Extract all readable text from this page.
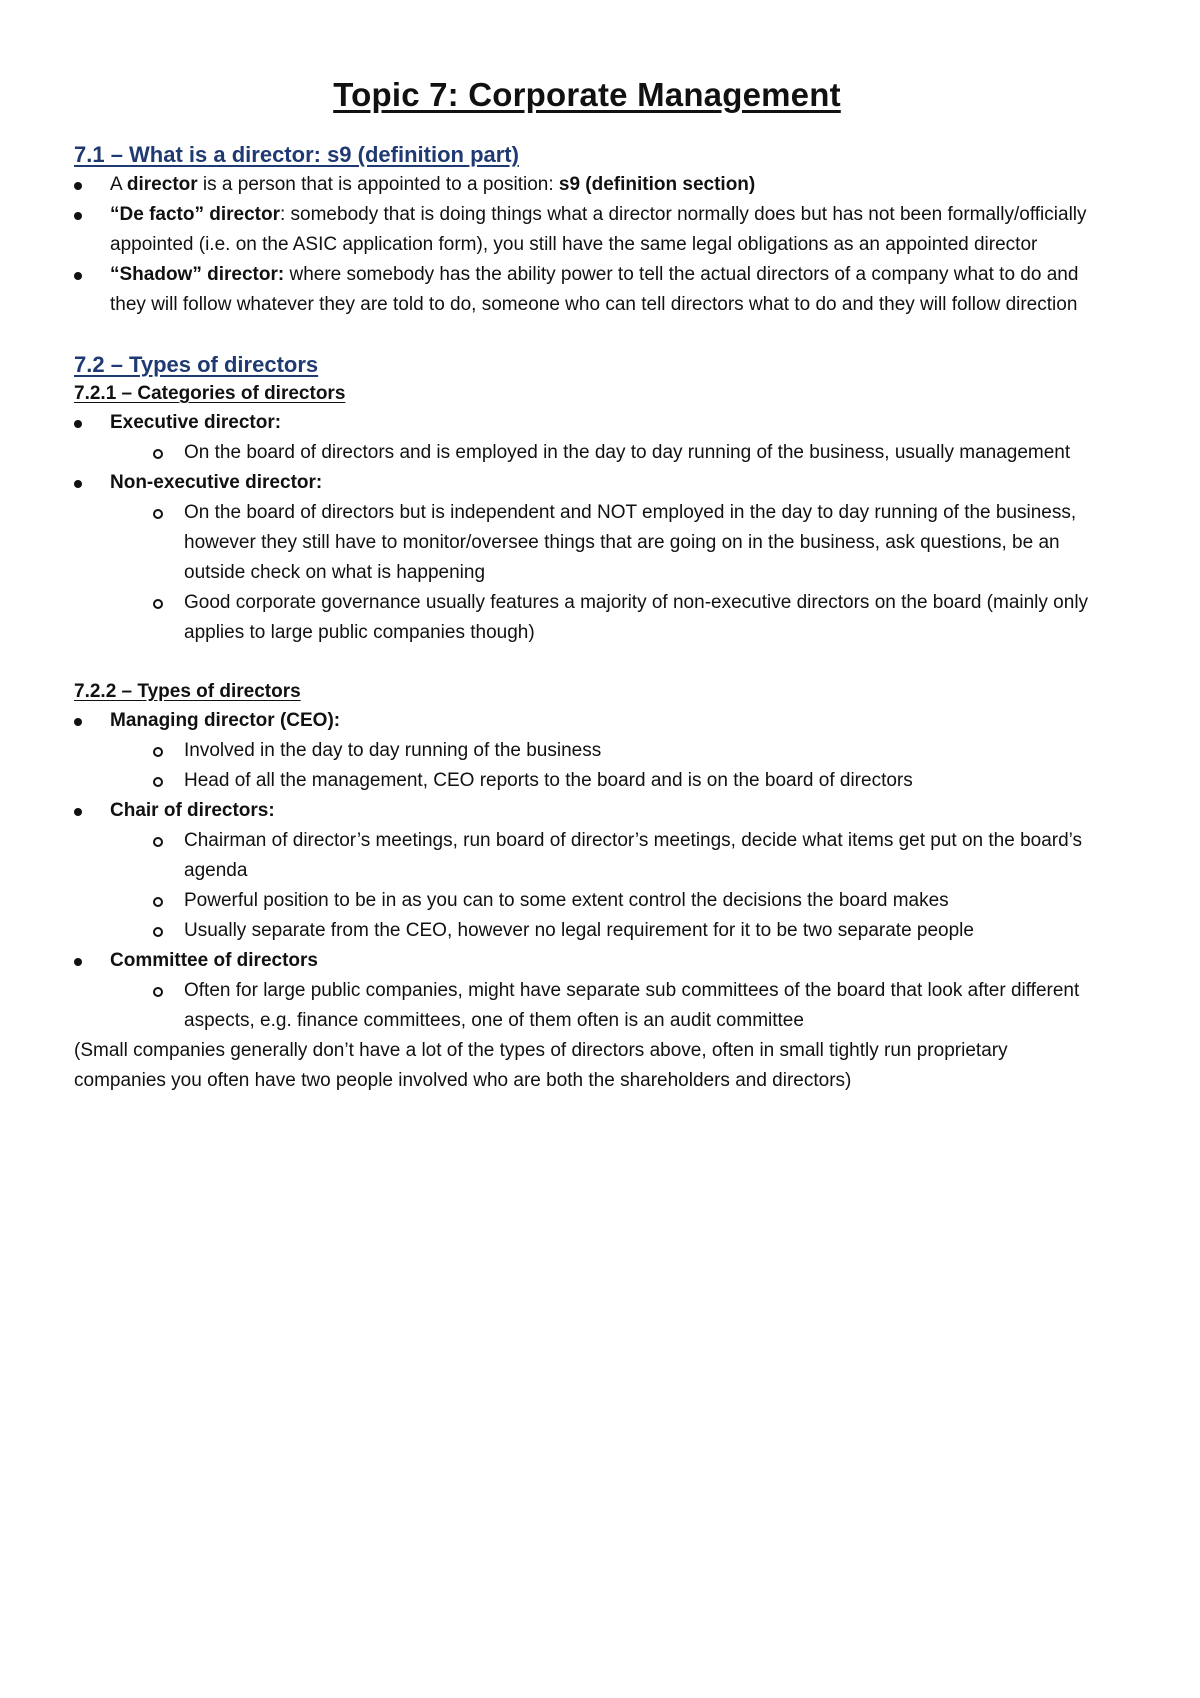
Topic 7: Corporate Management
7.1 – What is a director: s9 (definition part)
A director is a person that is appointed to a position: s9 (definition section)
“De facto” director: somebody that is doing things what a director normally does but has not been formally/officially appointed (i.e. on the ASIC application form), you still have the same legal obligations as an appointed director
“Shadow” director: where somebody has the ability power to tell the actual directors of a company what to do and they will follow whatever they are told to do, someone who can tell directors what to do and they will follow direction
7.2 – Types of directors
7.2.1 – Categories of directors
Executive director:
On the board of directors and is employed in the day to day running of the business, usually management
Non-executive director:
On the board of directors but is independent and NOT employed in the day to day running of the business, however they still have to monitor/oversee things that are going on in the business, ask questions, be an outside check on what is happening
Good corporate governance usually features a majority of non-executive directors on the board (mainly only applies to large public companies though)
7.2.2 – Types of directors
Managing director (CEO):
Involved in the day to day running of the business
Head of all the management, CEO reports to the board and is on the board of directors
Chair of directors:
Chairman of director’s meetings, run board of director’s meetings, decide what items get put on the board’s agenda
Powerful position to be in as you can to some extent control the decisions the board makes
Usually separate from the CEO, however no legal requirement for it to be two separate people
Committee of directors
Often for large public companies, might have separate sub committees of the board that look after different aspects, e.g. finance committees, one of them often is an audit committee

(Small companies generally don’t have a lot of the types of directors above, often in small tightly run proprietary companies you often have two people involved who are both the shareholders and directors)
